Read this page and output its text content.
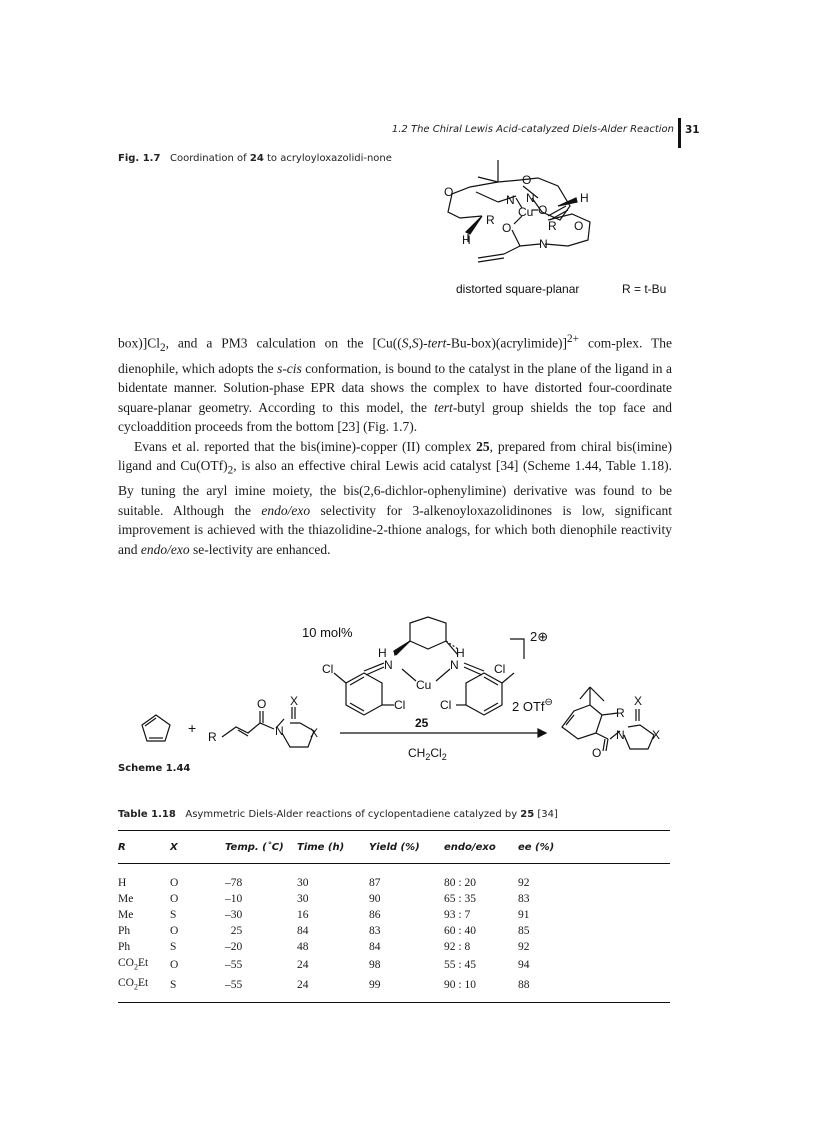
1.2 The Chiral Lewis Acid-catalyzed Diels-Alder Reaction 31
Fig. 1.7 Coordination of 24 to acryloyloxazolidi-none
O
O
N N
Cu O
H
R	R
O	O
N
H
distorted square-planar	R = t-Bu

$box)]Cl_2$, and a PM3 calculation on the [Cu((S,S)-tert-Bu-box)(acrylimide)]$^{2+}$ com-plex. The dienophile, which adopts the s-cis conformation, is bound to the catalyst in the plane of the ligand in a bidentate manner. Solution-phase EPR data shows the complex to have distorted four-coordinate square-planar geometry. According to this model, the tert-butyl group shields the top face and cycloaddition proceeds from the bottom [23] (Fig. 1.7).

Evans et al. reported that the bis(imine)-copper (II) complex 25, prepared from chiral bis(imine) ligand and $Cu(OTf)_2$, is also an effective chiral Lewis acid catalyst [34] (Scheme 1.44, Table 1.18). By tuning the aryl imine moiety, the bis(2,6-dichlor-ophenylimine) derivative was found to be suitable. Although the endo/exo selectivity for 3-alkenoyloxazolidinones is low, significant improvement is achieved with the thiazolidine-2-thione analogs, for which both dienophile reactivity and endo/exo se-lectivity are enhanced.

+
R
O
N
X
X
10 mol%	2⊕
H	H
N	N
Cu
Cl	Cl
Cl	Cl
25
2 OTf⊖
$CH_2Cl_2$
R
O
N
X
X
Scheme 1.44
Table 1.18 Asymmetric Diels-Alder reactions of cyclopentadiene catalyzed by 25 [34]
R	X	Temp. (˚C)	Time (h)	Yield (%)	endo/exo	ee (%)
H	O	–78	30	87	80 : 20	92
Me	O	–10	30	90	65 : 35	83
Me	S	–30	16	86	93 : 7	91
Ph	O	25	84	83	60 : 40	85
Ph	S	–20	48	84	92 : 8	92
$CO_2Et$	O	–55	24	98	55 : 45	94
$CO_2Et$	S	–55	24	99	90 : 10	88
